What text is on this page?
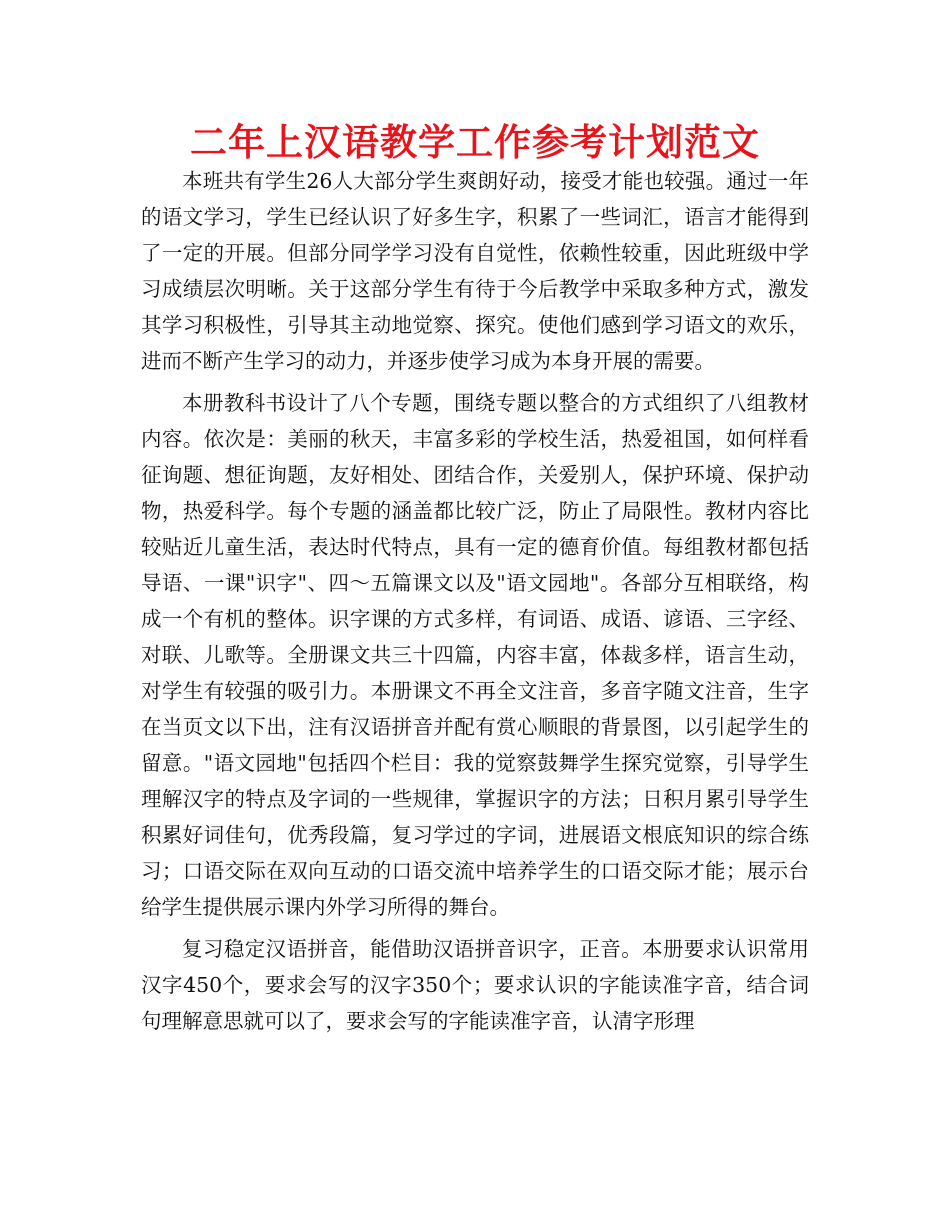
二年上汉语教学工作参考计划范文

本班共有学生26人大部分学生爽朗好动，接受才能也较强。通过一年的语文学习，学生已经认识了好多生字，积累了一些词汇，语言才能得到了一定的开展。但部分同学学习没有自觉性，依赖性较重，因此班级中学习成绩层次明晰。关于这部分学生有待于今后教学中采取多种方式，激发其学习积极性，引导其主动地觉察、探究。使他们感到学习语文的欢乐，进而不断产生学习的动力，并逐步使学习成为本身开展的需要。

本册教科书设计了八个专题，围绕专题以整合的方式组织了八组教材内容。依次是：美丽的秋天，丰富多彩的学校生活，热爱祖国，如何样看征询题、想征询题，友好相处、团结合作，关爱别人，保护环境、保护动物，热爱科学。每个专题的涵盖都比较广泛，防止了局限性。教材内容比较贴近儿童生活，表达时代特点，具有一定的德育价值。每组教材都包括导语、一课"识字"、四～五篇课文以及"语文园地"。各部分互相联络，构成一个有机的整体。识字课的方式多样，有词语、成语、谚语、三字经、对联、儿歌等。全册课文共三十四篇，内容丰富，体裁多样，语言生动，对学生有较强的吸引力。本册课文不再全文注音，多音字随文注音，生字在当页文以下出，注有汉语拼音并配有赏心顺眼的背景图，以引起学生的留意。"语文园地"包括四个栏目：我的觉察鼓舞学生探究觉察，引导学生理解汉字的特点及字词的一些规律，掌握识字的方法；日积月累引导学生积累好词佳句，优秀段篇，复习学过的字词，进展语文根底知识的综合练习；口语交际在双向互动的口语交流中培养学生的口语交际才能；展示台给学生提供展示课内外学习所得的舞台。

复习稳定汉语拼音，能借助汉语拼音识字，正音。本册要求认识常用汉字450个，要求会写的汉字350个；要求认识的字能读准字音，结合词句理解意思就可以了，要求会写的字能读准字音，认清字形理
